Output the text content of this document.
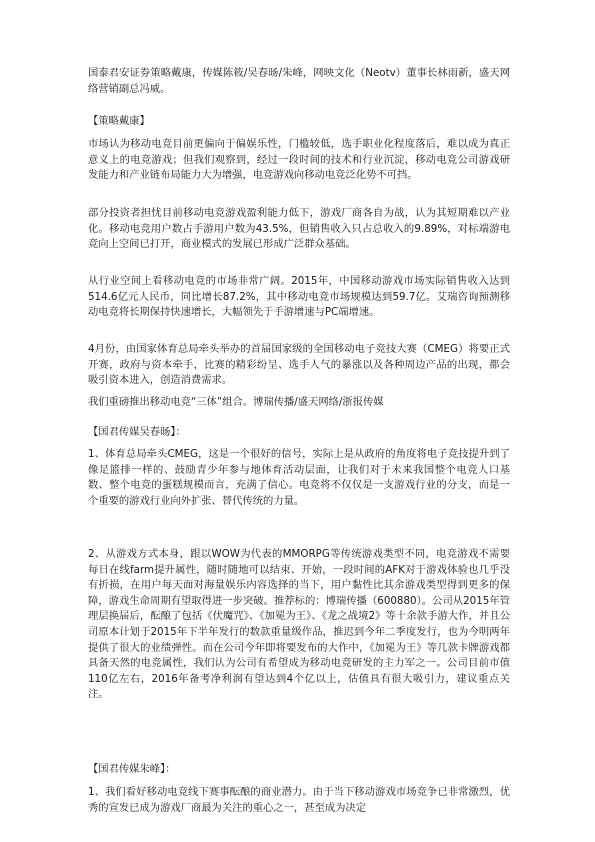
国泰君安证券策略戴康，传媒陈筱/吴春旸/朱峰，网映文化（Neotv）董事长林雨新，盛天网络营销副总冯威。

【策略戴康】

市场认为移动电竞目前更偏向于偏娱乐性，门槛较低，选手职业化程度落后，难以成为真正意义上的电竞游戏；但我们观察到，经过一段时间的技术和行业沉淀，移动电竞公司游戏研发能力和产业链布局能力大为增强，电竞游戏向移动电竞泛化势不可挡。

部分投资者担忧目前移动电竞游戏盈利能力低下，游戏厂商各自为战，认为其短期难以产业化。移动电竞用户数占手游用户数为43.5%，但销售收入只占总收入的9.89%，对标端游电竞向上空间已打开，商业模式的发展已形成广泛群众基础。

从行业空间上看移动电竞的市场非常广阔。2015年，中国移动游戏市场实际销售收入达到514.6亿元人民币，同比增长87.2%，其中移动电竞市场规模达到59.7亿。艾瑞咨询预测移动电竞将长期保持快速增长，大幅领先于手游增速与PC端增速。

4月份，由国家体育总局牵头举办的首届国家级的全国移动电子竞技大赛（CMEG）将要正式开赛，政府与资本牵手，比赛的精彩纷呈、选手人气的暴涨以及各种周边产品的出现，都会吸引资本进入，创造消费需求。

我们重磅推出移动电竞“三体”组合。博瑞传播/盛天网络/浙报传媒

【国君传媒吴春旸】：

1、体育总局牵头CMEG，这是一个很好的信号，实际上是从政府的角度将电子竞技提升到了像足篮排一样的、鼓励青少年参与地体育活动层面，让我们对于未来我国整个电竞人口基数、整个电竞的蛋糕规模而言，充满了信心。电竞将不仅仅是一支游戏行业的分支，而是一个重要的游戏行业向外扩张、替代传统的力量。

2、从游戏方式本身，跟以WOW为代表的MMORPG等传统游戏类型不同，电竞游戏不需要每日在线farm提升属性，随时随地可以结束、开始，一段时间的AFK对于游戏体验也几乎没有折损，在用户每天面对海量娱乐内容选择的当下，用户黏性比其余游戏类型得到更多的保障，游戏生命周期有望取得进一步突破。推荐标的：博瑞传播（600880）。公司从2015年管理层换届后，酝酿了包括《伏魔咒》、《加冕为王》、《龙之战境2》等十余款手游大作，并且公司原本计划于2015年下半年发行的数款重量级作品，推迟到今年二季度发行，也为今明两年提供了很大的业绩弹性。而在公司今年即将要发布的大作中，《加冕为王》等几款卡牌游戏都具备天然的电竞属性，我们认为公司有希望成为移动电竞研发的主力军之一。公司目前市值110亿左右，2016年备考净利润有望达到4个亿以上，估值具有很大吸引力，建议重点关注。

【国君传媒朱峰】：

1、我们看好移动电竞线下赛事酝酿的商业潜力。由于当下移动游戏市场竞争已非常激烈，优秀的宣发已成为游戏厂商最为关注的重心之一，甚至成为决定
